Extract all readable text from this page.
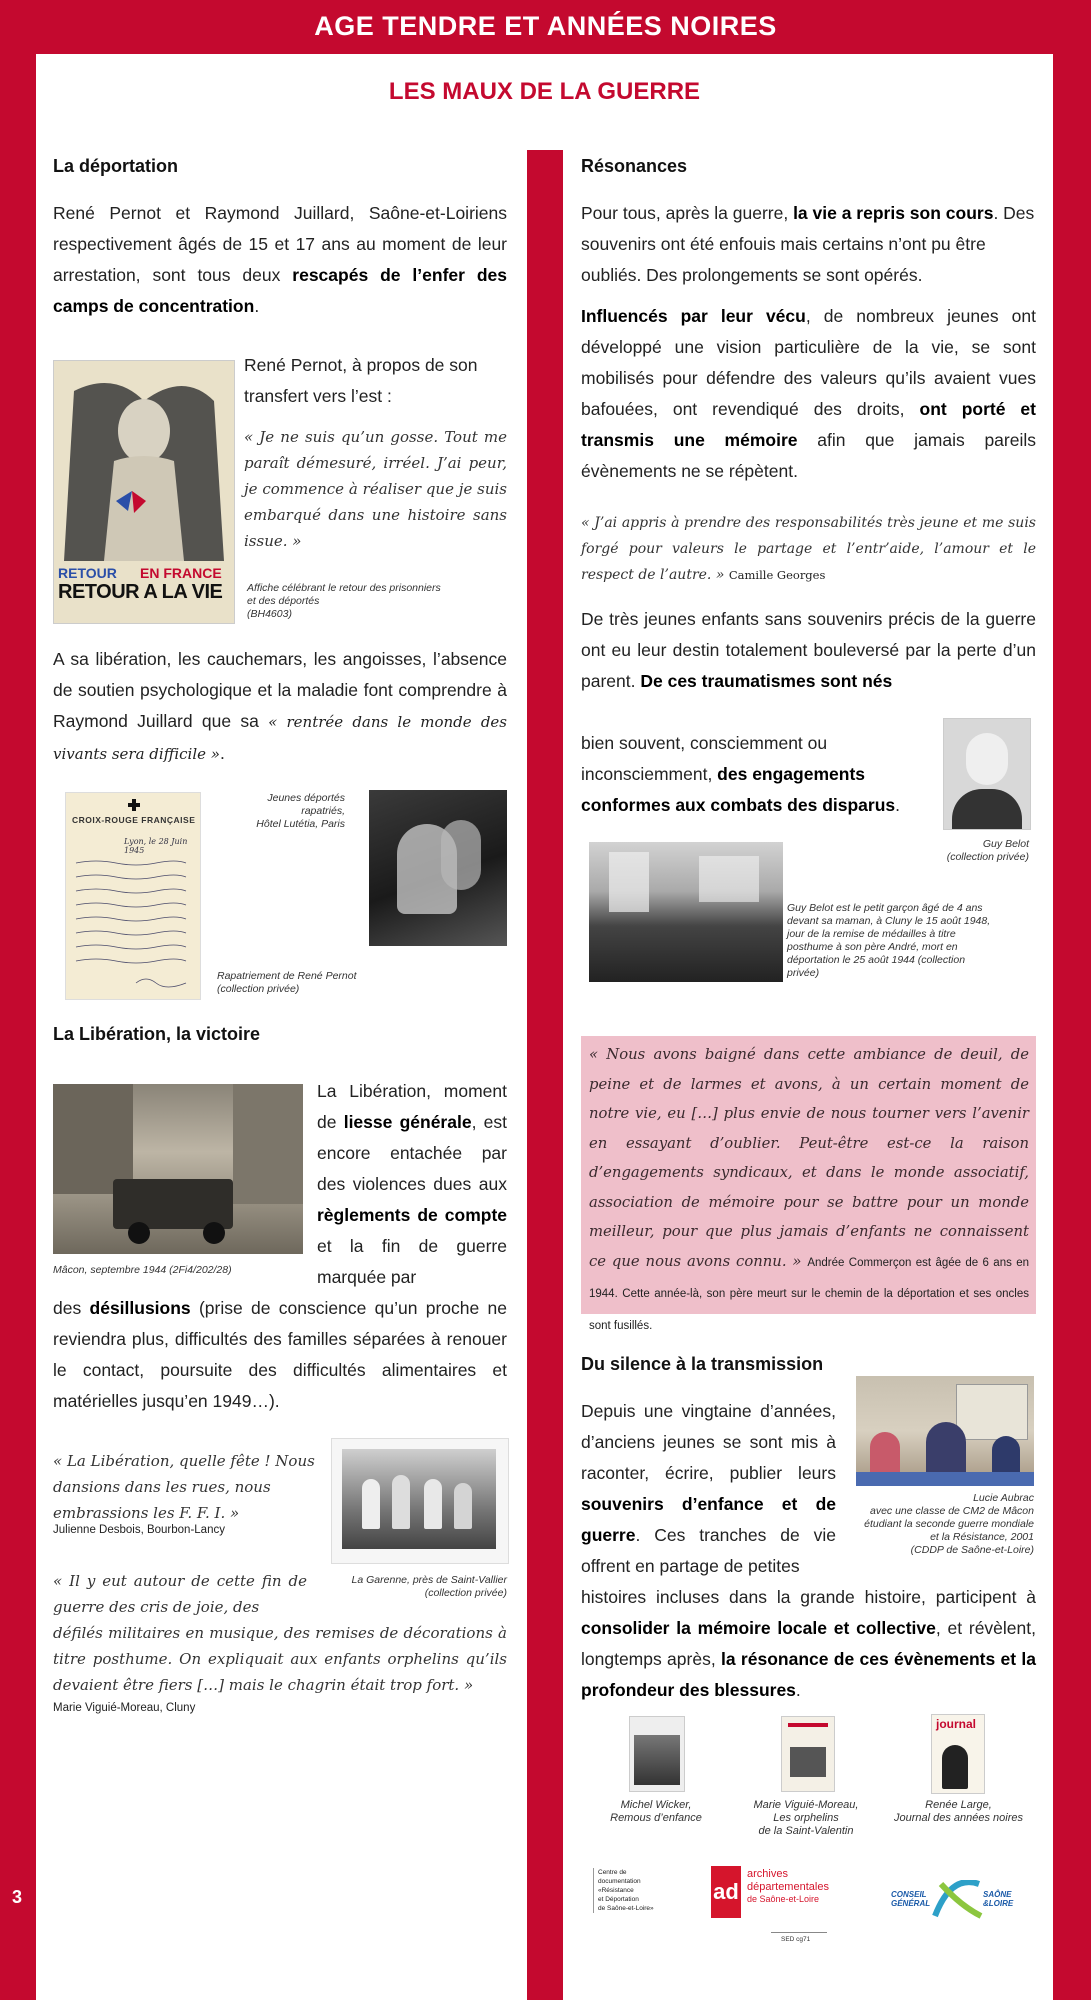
AGE TENDRE ET ANNÉES NOIRES
3
LES MAUX DE LA GUERRE
La déportation

René Pernot et Raymond Juillard, Saône-et-Loiriens respectivement âgés de 15 et 17 ans au moment de leur arrestation, sont tous deux rescapés de l’enfer des camps de concentration.

RETOUR EN FRANCE
RETOUR A LA VIE

René Pernot, à propos de son transfert vers l’est :

« Je ne suis qu’un gosse. Tout me paraît démesuré, irréel. J’ai peur, je commence à réaliser que je suis embarqué dans une histoire sans issue. »

Affiche célébrant le retour des prisonniers
et des déportés
(BH4603)

A sa libération, les cauchemars, les angoisses, l’absence de soutien psychologique et la maladie font comprendre à Raymond Juillard que sa « rentrée dans le monde des vivants sera difficile ».

CROIX-ROUGE FRANÇAISE
Lyon, le 28 Juin 1945
Rapatriement de René Pernot
(collection privée)
Jeunes déportés rapatriés,
Hôtel Lutétia, Paris
La Libération, la victoire
Mâcon, septembre 1944 (2Fi4/202/28)

La Libération, moment de liesse générale, est encore entachée par des violences dues aux règlements de compte et la fin de guerre marquée par

des désillusions (prise de conscience qu’un proche ne reviendra plus, difficultés des familles séparées à renouer le contact, poursuite des difficultés alimentaires et matérielles jusqu’en 1949…).

« La Libération, quelle fête ! Nous dansions dans les rues, nous embrassions les F. F. I. »

Julienne Desbois, Bourbon-Lancy
La Garenne, près de Saint-Vallier
(collection privée)

« Il y eut autour de cette fin de guerre des cris de joie, des

défilés militaires en musique, des remises de décorations à titre posthume. On expliquait aux enfants orphelins qu’ils devaient être fiers […] mais le chagrin était trop fort. »

Marie Viguié-Moreau, Cluny
Résonances

Pour tous, après la guerre, la vie a repris son cours. Des souvenirs ont été enfouis mais certains n’ont pu être oubliés. Des prolongements se sont opérés.

Influencés par leur vécu, de nombreux jeunes ont développé une vision particulière de la vie, se sont mobilisés pour défendre des valeurs qu’ils avaient vues bafouées, ont revendiqué des droits, ont porté et transmis une mémoire afin que jamais pareils évènements ne se répètent.

« J’ai appris à prendre des responsabilités très jeune et me suis forgé pour valeurs le partage et l’entr’aide, l’amour et le respect de l’autre. » Camille Georges

De très jeunes enfants sans souvenirs précis de la guerre ont eu leur destin totalement bouleversé par la perte d’un parent. De ces traumatismes sont nés

bien souvent, consciemment ou inconsciemment, des engagements conformes aux combats des disparus.

Guy Belot
(collection privée)
Guy Belot est le petit garçon âgé de 4 ans devant sa maman, à Cluny le 15 août 1948, jour de la remise de médailles à titre posthume à son père André, mort en déportation le 25 août 1944 (collection privée)

« Nous avons baigné dans cette ambiance de deuil, de peine et de larmes et avons, à un certain moment de notre vie, eu […] plus envie de nous tourner vers l’avenir en essayant d’oublier. Peut-être est-ce la raison d’engagements syndicaux, et dans le monde associatif, association de mémoire pour se battre pour un monde meilleur, pour que plus jamais d’enfants ne connaissent ce que nous avons connu. » Andrée Commerçon est âgée de 6 ans en 1944. Cette année-là, son père meurt sur le chemin de la déportation et ses oncles sont fusillés.

Du silence à la transmission

Depuis une vingtaine d’années, d’anciens jeunes se sont mis à raconter, écrire, publier leurs souvenirs d’enfance et de guerre. Ces tranches de vie offrent en partage de petites

Lucie Aubrac
avec une classe de CM2 de Mâcon
étudiant la seconde guerre mondiale
et la Résistance, 2001
(CDDP de Saône-et-Loire)

histoires incluses dans la grande histoire, participent à consolider la mémoire locale et collective, et révèlent, longtemps après, la résonance de ces évènements et la profondeur des blessures.

Michel Wicker,
Remous d’enfance
Marie Viguié-Moreau,
Les orphelins
de la Saint-Valentin
journal
Renée Large,
Journal des années noires
Centre de
documentation
«Résistance
et Déportation
de Saône-et-Loire»
ad
archives
départementales
de Saône-et-Loire
SED cg71
CONSEIL
GÉNÉRAL
SAÔNE
&LOIRE
